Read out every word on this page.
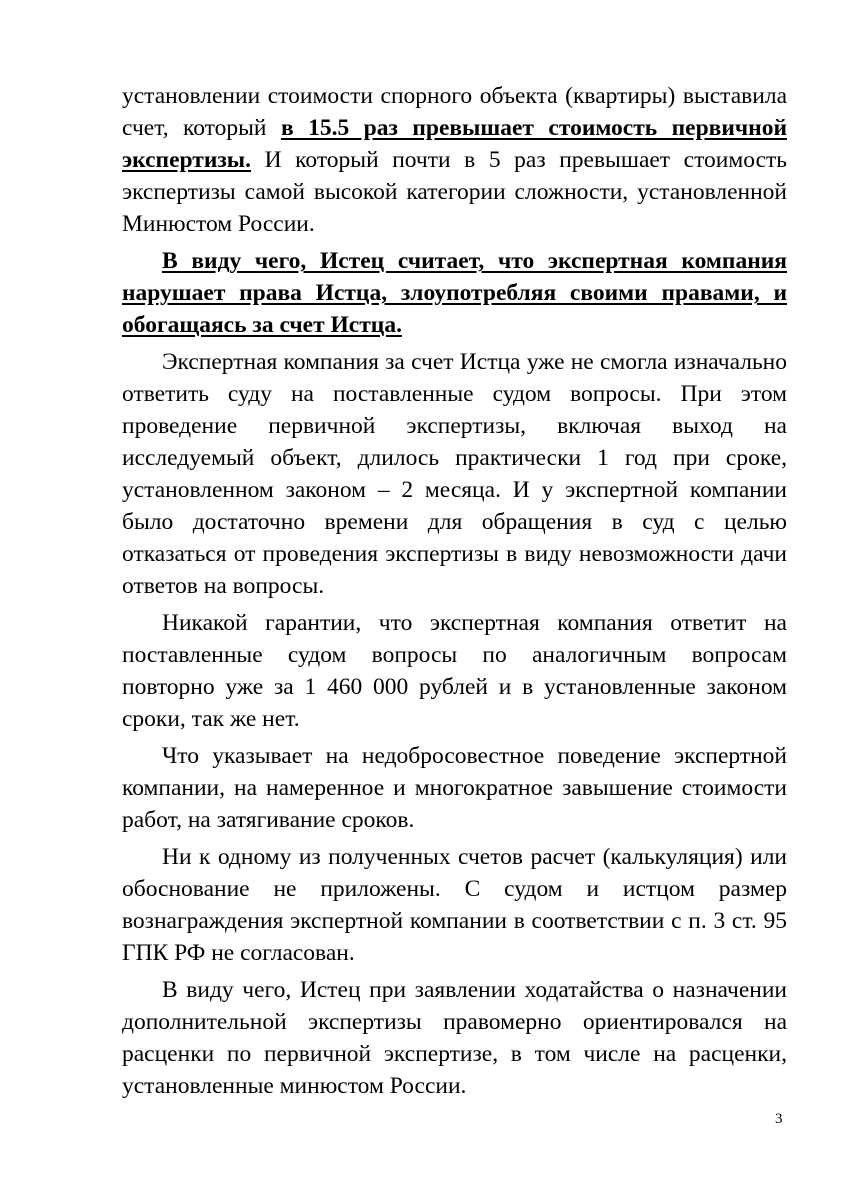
установлении стоимости спорного объекта (квартиры) выставила счет, который в 15.5 раз превышает стоимость первичной экспертизы. И который почти в 5 раз превышает стоимость экспертизы самой высокой категории сложности, установленной Минюстом России.

В виду чего, Истец считает, что экспертная компания нарушает права Истца, злоупотребляя своими правами, и обогащаясь за счет Истца.

Экспертная компания за счет Истца уже не смогла изначально ответить суду на поставленные судом вопросы. При этом проведение первичной экспертизы, включая выход на исследуемый объект, длилось практически 1 год при сроке, установленном законом – 2 месяца. И у экспертной компании было достаточно времени для обращения в суд с целью отказаться от проведения экспертизы в виду невозможности дачи ответов на вопросы.

Никакой гарантии, что экспертная компания ответит на поставленные судом вопросы по аналогичным вопросам повторно уже за 1 460 000 рублей и в установленные законом сроки, так же нет.

Что указывает на недобросовестное поведение экспертной компании, на намеренное и многократное завышение стоимости работ, на затягивание сроков.

Ни к одному из полученных счетов расчет (калькуляция) или обоснование не приложены. С судом и истцом размер вознаграждения экспертной компании в соответствии с п. 3 ст. 95 ГПК РФ не согласован.

В виду чего, Истец при заявлении ходатайства о назначении дополнительной экспертизы правомерно ориентировался на расценки по первичной экспертизе, в том числе на расценки, установленные минюстом России.

3
